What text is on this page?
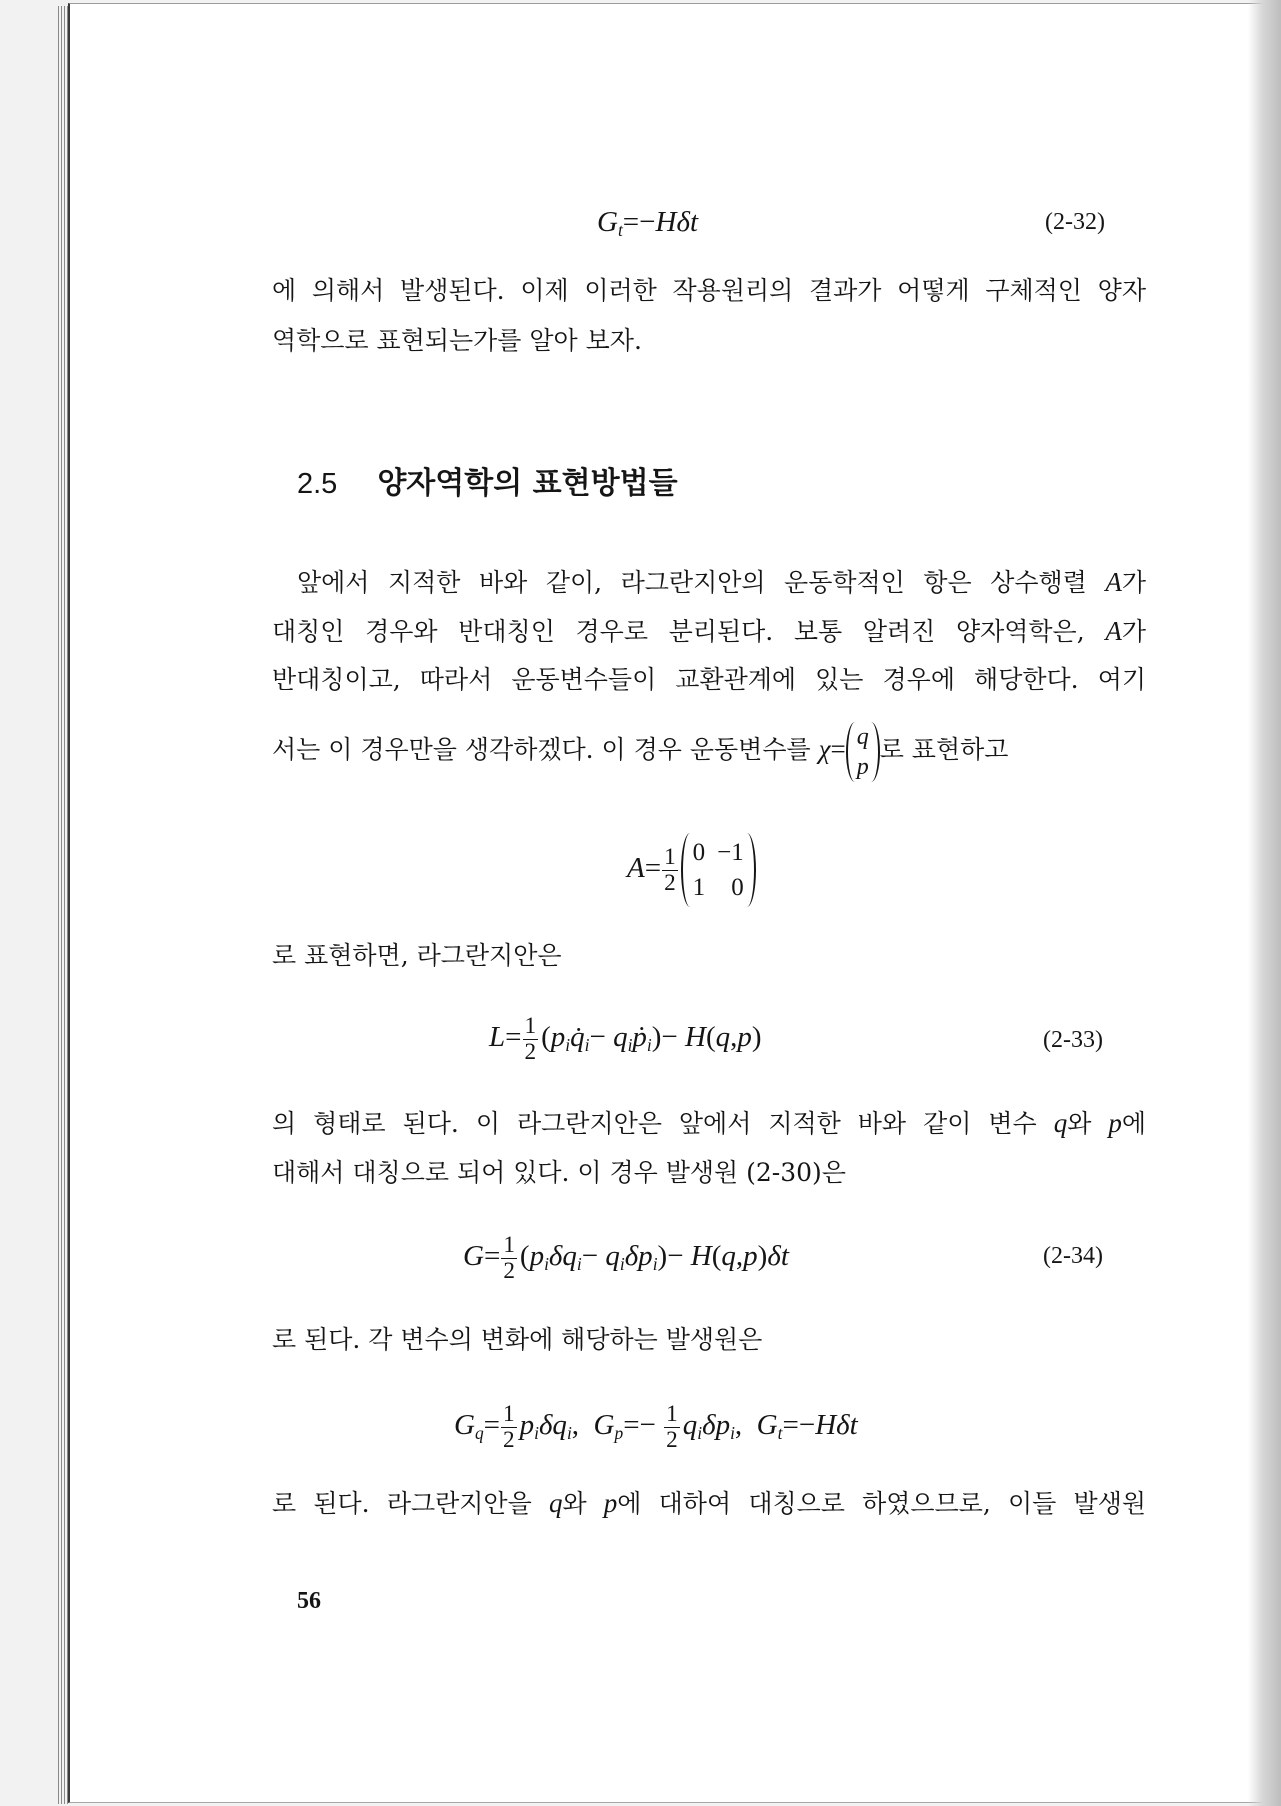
$G_t=-H\delta t$	(2-32)
에 의해서 발생된다. 이제 이러한 작용원리의 결과가 어떻게 구체적인 양자
역학으로 표현되는가를 알아 보자.
2.5 양자역학의 표현방법들
앞에서 지적한 바와 같이, 라그란지안의 운동학적인 항은 상수행렬 A가
대칭인 경우와 반대칭인 경우로 분리된다. 보통 알려진 양자역학은, A가
반대칭이고, 따라서 운동변수들이 교환관계에 있는 경우에 해당한다. 여기
서는 이 경우만을 생각하겠다. 이 경우 운동변수를 χ= q
p
로 표현하고
$A= \frac{1}{2} 0 -1$
1 0
로 표현하면, 라그란지안은
$L= \frac{1}{2}$ ($p_iq̇_i-$ $q_iṗ_i)- H(q,p)$	(2-33)
의 형태로 된다. 이 라그란지안은 앞에서 지적한 바와 같이 변수 q와 p에
대해서 대칭으로 되어 있다. 이 경우 발생원 (2-30)은
$G= \frac{1}{2} (p_i\delta q_i- q_i\delta p_i)- H(q,p)\delta t$	(2-34)
로 된다. 각 변수의 변화에 해당하는 발생원은
$G_q= \frac{1}{2} p_i\delta q_i$,  $G_p=- \frac{1}{2} q_i\delta p_i$,  $G_t=-H\delta t$
로 된다. 라그란지안을 q와 p에 대하여 대칭으로 하였으므로, 이들 발생원
56
